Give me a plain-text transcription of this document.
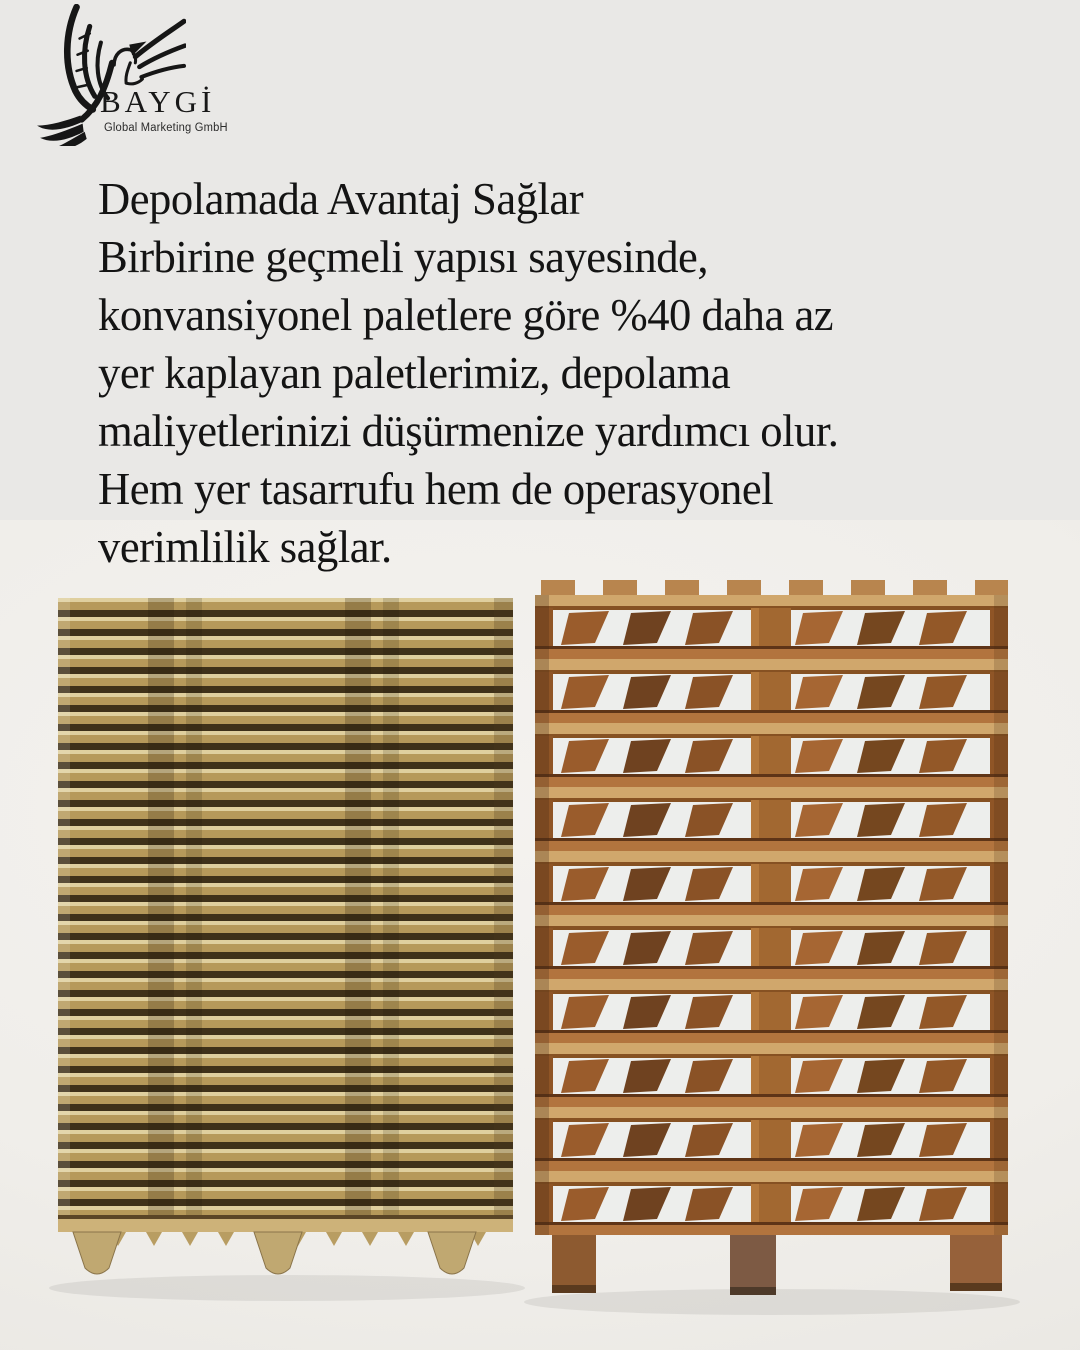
BAYGİ
Global Marketing GmbH
Depolamada Avantaj Sağlar
Birbirine geçmeli yapısı sayesinde,
konvansiyonel paletlere göre %40 daha az
yer kaplayan paletlerimiz, depolama
maliyetlerinizi düşürmenize yardımcı olur.
Hem yer tasarrufu hem de operasyonel
verimlilik sağlar.
